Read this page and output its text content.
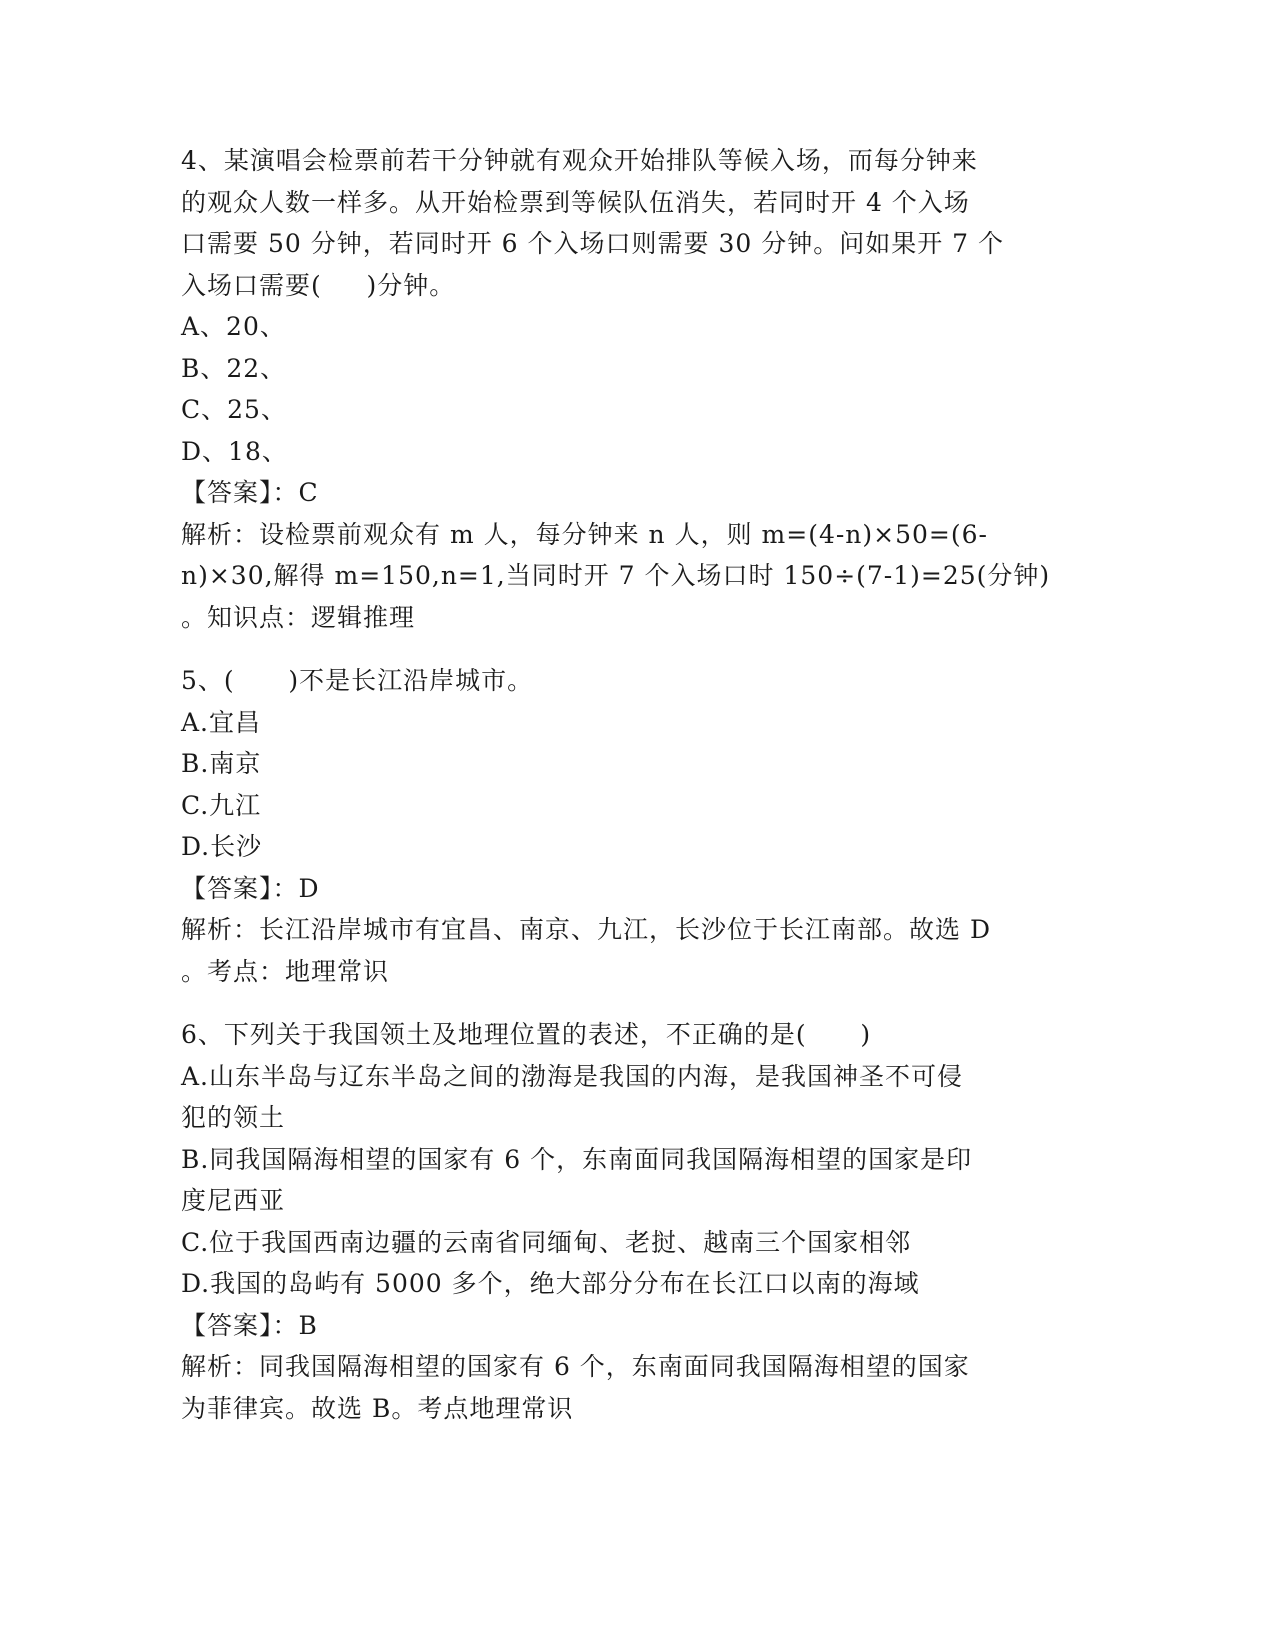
4、某演唱会检票前若干分钟就有观众开始排队等候入场，而每分钟来
的观众人数一样多。从开始检票到等候队伍消失，若同时开 4 个入场
口需要 50 分钟，若同时开 6 个入场口则需要 30 分钟。问如果开 7 个
入场口需要(     )分钟。
A、20、
B、22、
C、25、
D、18、
【答案】：C
解析：设检票前观众有 m 人，每分钟来 n 人，则 m=(4-n)×50=(6-
n)×30,解得 m=150,n=1,当同时开 7 个入场口时 150÷(7-1)=25(分钟)
。知识点：逻辑推理
5、(      )不是长江沿岸城市。
A.宜昌
B.南京
C.九江
D.长沙
【答案】：D
解析：长江沿岸城市有宜昌、南京、九江，长沙位于长江南部。故选 D
。考点：地理常识
6、下列关于我国领土及地理位置的表述，不正确的是(      )
A.山东半岛与辽东半岛之间的渤海是我国的内海，是我国神圣不可侵
犯的领土
B.同我国隔海相望的国家有 6 个，东南面同我国隔海相望的国家是印
度尼西亚
C.位于我国西南边疆的云南省同缅甸、老挝、越南三个国家相邻
D.我国的岛屿有 5000 多个，绝大部分分布在长江口以南的海域
【答案】：B
解析：同我国隔海相望的国家有 6 个，东南面同我国隔海相望的国家
为菲律宾。故选 B。考点地理常识
